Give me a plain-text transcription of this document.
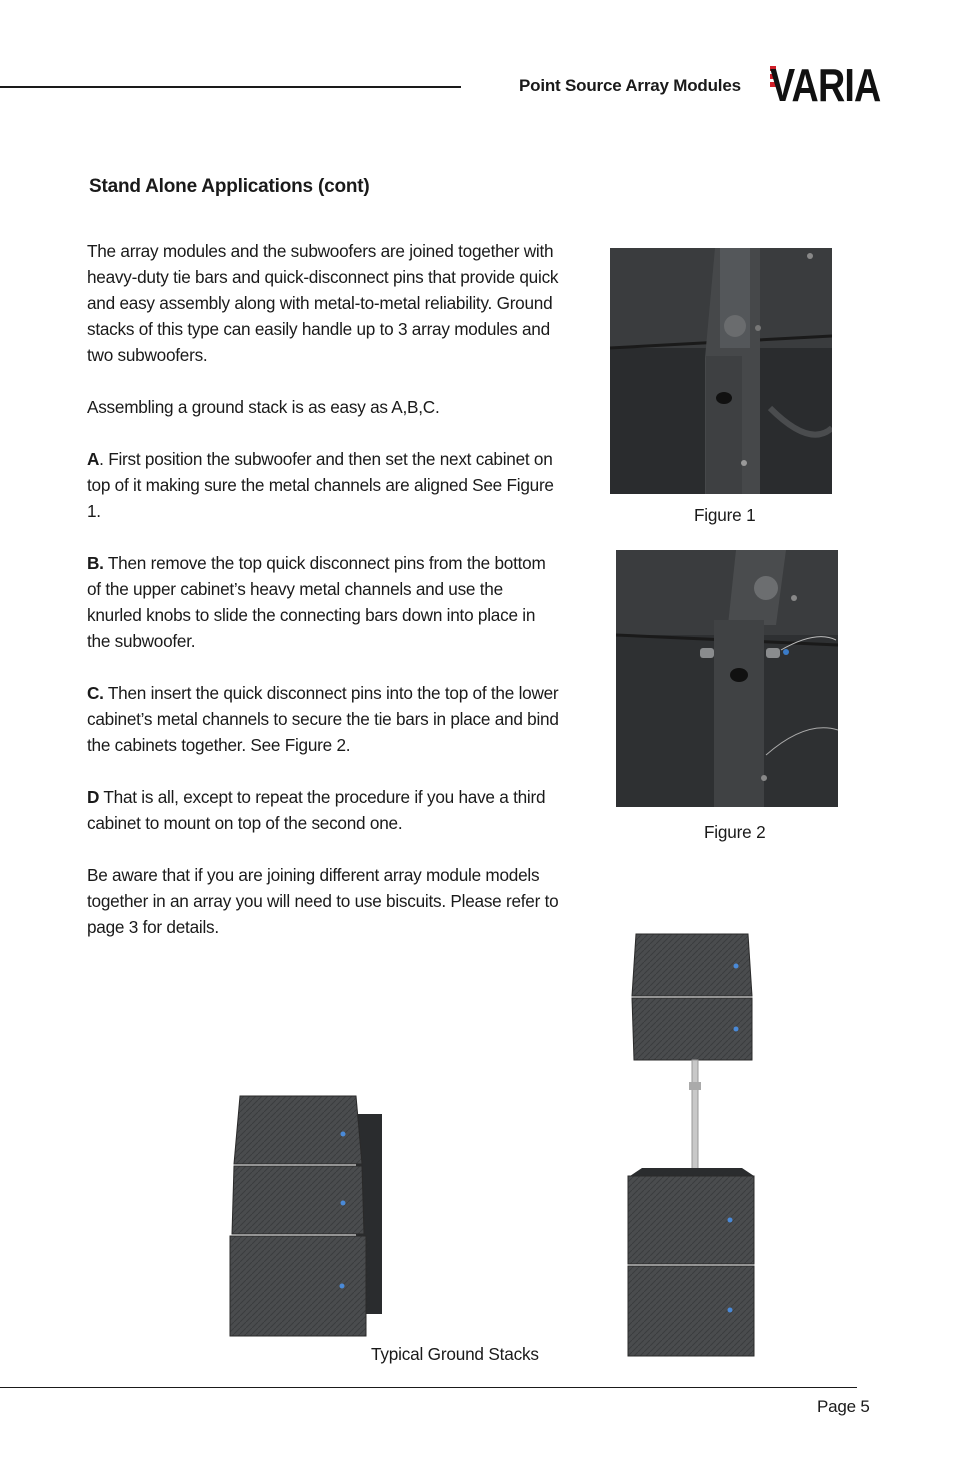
Point Source Array Modules VARIA
Stand Alone Applications (cont)

The array modules and the subwoofers are joined together with heavy-duty tie bars and quick-disconnect pins that provide quick and easy assembly along with metal-to-metal reliability. Ground stacks of this type can easily handle up to 3 array modules and two subwoofers.

Assembling a ground stack is as easy as A,B,C.

A. First position the subwoofer and then set the next cabinet on top of it making sure the metal channels are aligned See Figure 1.

B. Then remove the top quick disconnect pins from the bottom of the upper cabinet’s heavy metal channels and use the knurled knobs to slide the connecting bars down into place in the subwoofer.

C. Then insert the quick disconnect pins into the top of the lower cabinet’s metal channels to secure the tie bars in place and bind the cabinets together. See Figure 2.

D That is all, except to repeat the procedure if you have a third cabinet to mount on top of the second one.

Be aware that if you are joining different array module models together in an array you will need to use biscuits. Please refer to page 3 for details.

Figure 1
Figure 2
Typical Ground Stacks
Page 5
